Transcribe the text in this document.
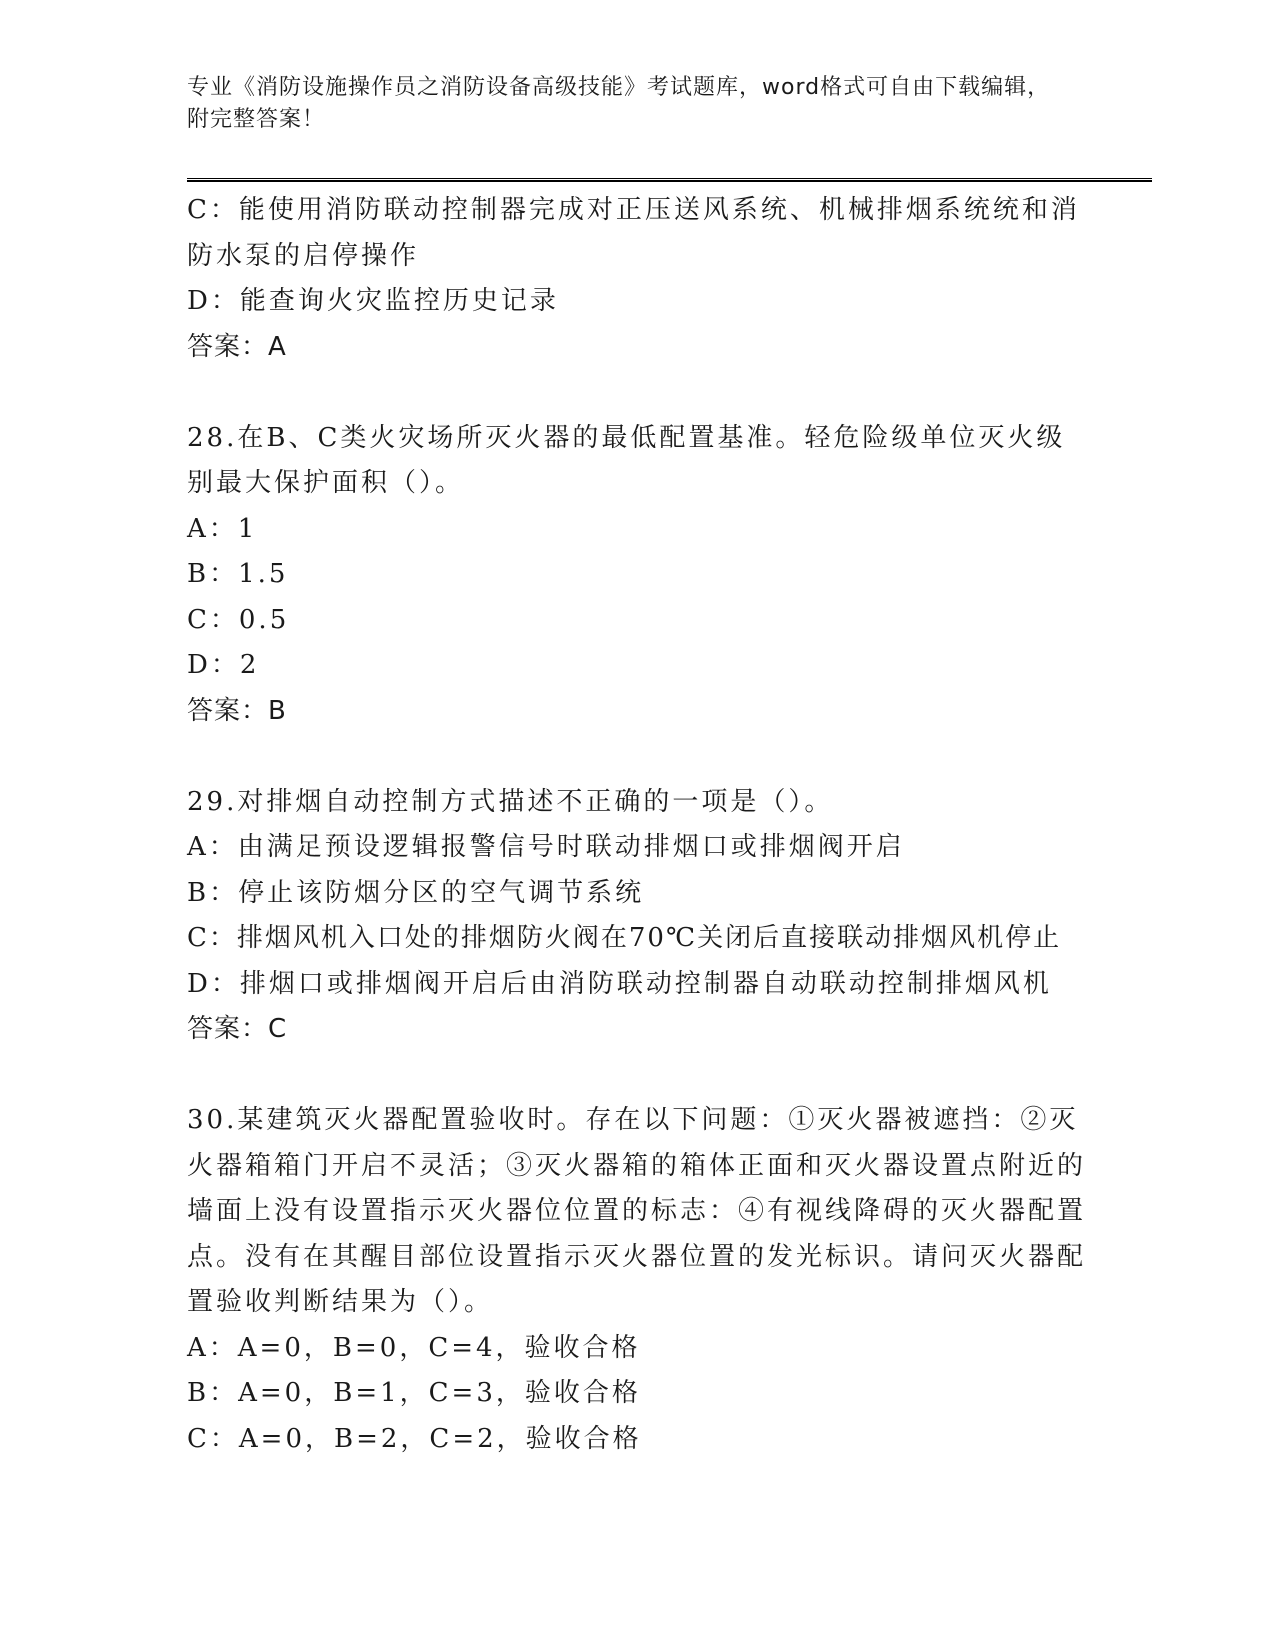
专业《消防设施操作员之消防设备高级技能》考试题库，word格式可自由下载编辑，附完整答案！

C：能使用消防联动控制器完成对正压送风系统、机械排烟系统统和消防水泵的启停操作

D：能查询火灾监控历史记录

答案：A

28.在B、C类火灾场所灭火器的最低配置基准。轻危险级单位灭火级别最大保护面积（）。

A：1

B：1.5

C：0.5

D：2

答案：B

29.对排烟自动控制方式描述不正确的一项是（）。

A：由满足预设逻辑报警信号时联动排烟口或排烟阀开启

B：停止该防烟分区的空气调节系统

C：排烟风机入口处的排烟防火阀在70℃关闭后直接联动排烟风机停止

D：排烟口或排烟阀开启后由消防联动控制器自动联动控制排烟风机

答案：C

30.某建筑灭火器配置验收时。存在以下问题：①灭火器被遮挡：②灭火器箱箱门开启不灵活；③灭火器箱的箱体正面和灭火器设置点附近的墙面上没有设置指示灭火器位位置的标志：④有视线降碍的灭火器配置点。没有在其醒目部位设置指示灭火器位置的发光标识。请问灭火器配置验收判断结果为（）。

A：A=0，B=0，C=4，验收合格

B：A=0，B=1，C=3，验收合格

C：A=0，B=2，C=2，验收合格
